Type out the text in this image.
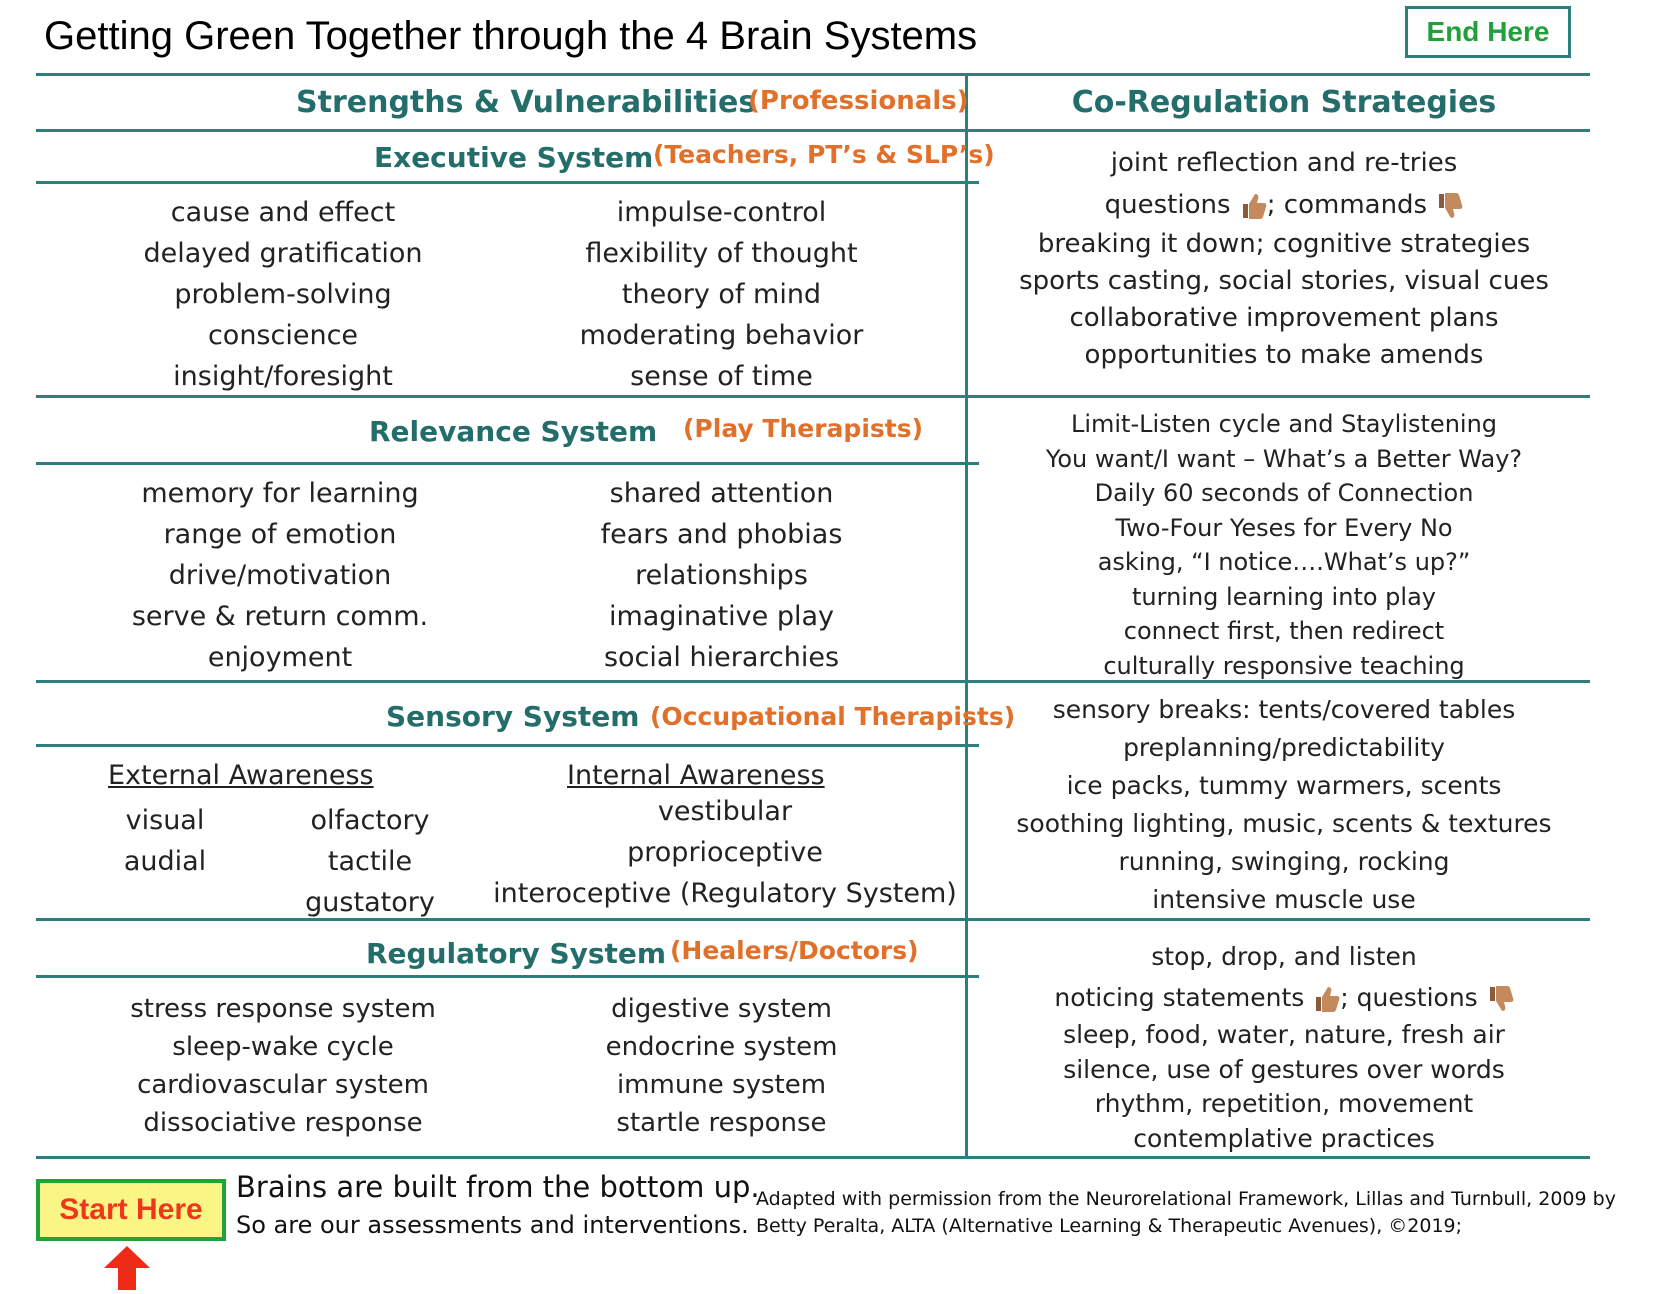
Getting Green Together through the 4 Brain Systems	End Here
Strengths & Vulnerabilities
(Professionals)	Co-Regulation Strategies
Executive System (Teachers, PT’s & SLP’s)
cause and effect
delayed gratification
problem-solving
conscience
insight/foresight
impulse-control
flexibility of thought
theory of mind
moderating behavior
sense of time
joint reflection and re-tries
questions ; commands
breaking it down; cognitive strategies
sports casting, social stories, visual cues
collaborative improvement plans
opportunities to make amends
Relevance System (Play Therapists)
memory for learning
range of emotion
drive/motivation
serve & return comm.
enjoyment
shared attention
fears and phobias
relationships
imaginative play
social hierarchies
Limit-Listen cycle and Staylistening
You want/I want – What’s a Better Way?
Daily 60 seconds of Connection
Two-Four Yeses for Every No
asking, “I notice….What’s up?”
turning learning into play
connect first, then redirect
culturally responsive teaching
Sensory System (Occupational Therapists)
External Awareness
visual
audial
olfactory
tactile
gustatory
Internal Awareness
vestibular
proprioceptive
interoceptive (Regulatory System)
sensory breaks: tents/covered tables
preplanning/predictability
ice packs, tummy warmers, scents
soothing lighting, music, scents & textures
running, swinging, rocking
intensive muscle use
Regulatory System (Healers/Doctors)
stress response system
sleep-wake cycle
cardiovascular system
dissociative response
digestive system
endocrine system
immune system
startle response
stop, drop, and listen
noticing statements ; questions
sleep, food, water, nature, fresh air
silence, use of gestures over words
rhythm, repetition, movement
contemplative practices
Start Here
Brains are built from the bottom up.
So are our assessments and interventions.
Adapted with permission from the Neurorelational Framework, Lillas and Turnbull, 2009 by Betty Peralta, ALTA (Alternative Learning & Therapeutic Avenues), ©2019;
